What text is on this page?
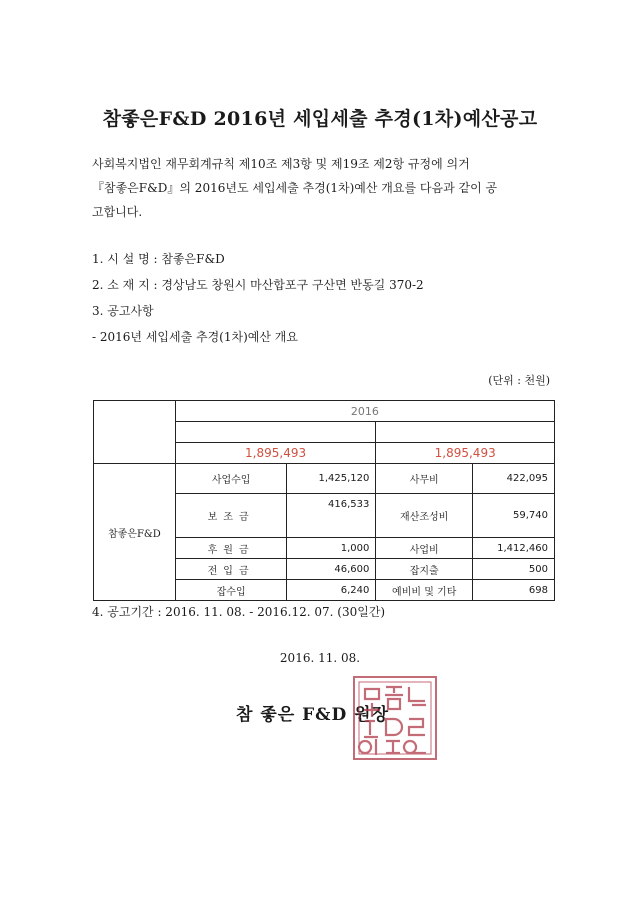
참좋은F&D 2016년 세입세출 추경(1차)예산공고

사회복지법인 재무회계규칙 제10조 제3항 및 제19조 제2항 규정에 의거
『참좋은F&D』의 2016년도 세입세출 추경(1차)예산 개요를 다음과 같이 공
고합니다.

1. 시 설 명 : 참좋은F&D
2. 소 재 지 : 경상남도 창원시 마산합포구 구산면 반동길 370-2
3. 공고사항
- 2016년 세입세출 추경(1차)예산 개요
(단위 : 천원)
	2016			

	1,895,493		1,895,493	
참좋은F&D	사업수입	1,425,120	사무비	422,095
	보조금	416,533	재산조성비	59,740
	후원금	1,000	사업비	1,412,460
	전입금	46,600	잡지출	500
	잡수입	6,240	예비비 및 기타	698
4. 공고기간 : 2016. 11. 08. - 2016.12. 07. (30일간)
2016. 11. 08.
참 좋은 F&D 원장
